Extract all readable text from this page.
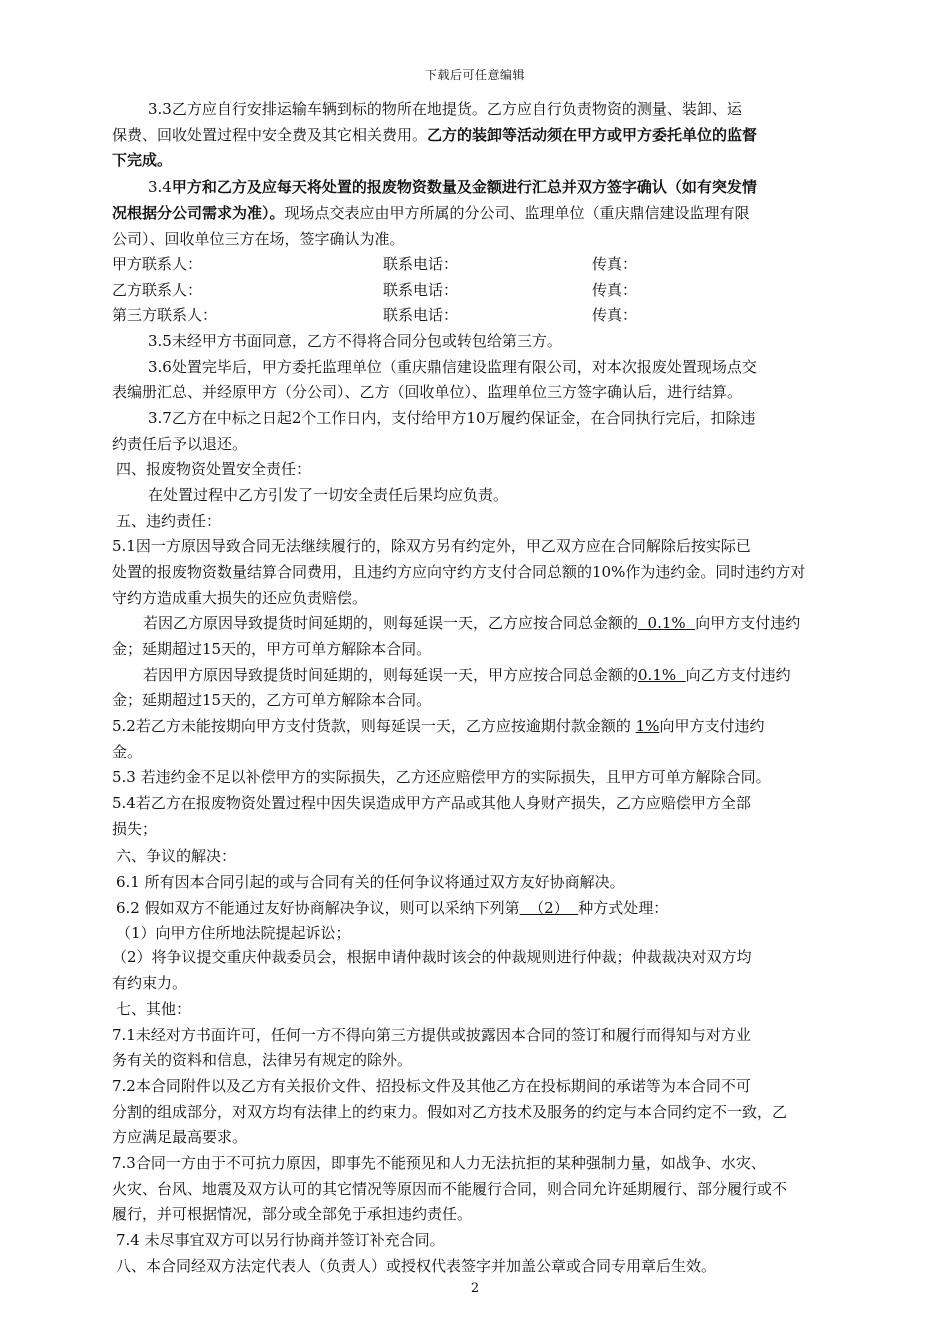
下载后可任意编辑
3.3乙方应自行安排运输车辆到标的物所在地提货。乙方应自行负责物资的测量、装卸、运
保费、回收处置过程中安全费及其它相关费用。乙方的装卸等活动须在甲方或甲方委托单位的监督
下完成。
3.4甲方和乙方及应每天将处置的报废物资数量及金额进行汇总并双方签字确认（如有突发情
况根据分公司需求为准）。现场点交表应由甲方所属的分公司、监理单位（重庆鼎信建设监理有限
公司）、回收单位三方在场，签字确认为准。
甲方联系人：	联系电话：	传真：
乙方联系人：	联系电话：	传真：
第三方联系人：	联系电话：	传真：
3.5未经甲方书面同意，乙方不得将合同分包或转包给第三方。
3.6处置完毕后，甲方委托监理单位（重庆鼎信建设监理有限公司，对本次报废处置现场点交
表编册汇总、并经原甲方（分公司）、乙方（回收单位）、监理单位三方签字确认后，进行结算。
3.7乙方在中标之日起2个工作日内，支付给甲方10万履约保证金，在合同执行完后，扣除违
约责任后予以退还。
四、报废物资处置安全责任：
在处置过程中乙方引发了一切安全责任后果均应负责。
五、违约责任：
5.1因一方原因导致合同无法继续履行的，除双方另有约定外，甲乙双方应在合同解除后按实际已
处置的报废物资数量结算合同费用，且违约方应向守约方支付合同总额的10%作为违约金。同时违约方对
守约方造成重大损失的还应负责赔偿。
若因乙方原因导致提货时间延期的，则每延误一天，乙方应按合同总金额的  0.1%  向甲方支付违约
金；延期超过15天的，甲方可单方解除本合同。
若因甲方原因导致提货时间延期的，则每延误一天，甲方应按合同总金额的0.1%  向乙方支付违约
金；延期超过15天的，乙方可单方解除本合同。
5.2若乙方未能按期向甲方支付货款，则每延误一天，乙方应按逾期付款金额的 1%向甲方支付违约
金。
5.3 若违约金不足以补偿甲方的实际损失，乙方还应赔偿甲方的实际损失，且甲方可单方解除合同。
5.4若乙方在报废物资处置过程中因失误造成甲方产品或其他人身财产损失，乙方应赔偿甲方全部
损失；
六、争议的解决：
6.1 所有因本合同引起的或与合同有关的任何争议将通过双方友好协商解决。
6.2 假如双方不能通过友好协商解决争议，则可以采纳下列第  （2）  种方式处理：
（1）向甲方住所地法院提起诉讼；
（2）将争议提交重庆仲裁委员会，根据申请仲裁时该会的仲裁规则进行仲裁；仲裁裁决对双方均
有约束力。
七、其他：
7.1未经对方书面许可，任何一方不得向第三方提供或披露因本合同的签订和履行而得知与对方业
务有关的资料和信息，法律另有规定的除外。
7.2本合同附件以及乙方有关报价文件、招投标文件及其他乙方在投标期间的承诺等为本合同不可
分割的组成部分，对双方均有法律上的约束力。假如对乙方技术及服务的约定与本合同约定不一致，乙
方应满足最高要求。
7.3合同一方由于不可抗力原因，即事先不能预见和人力无法抗拒的某种强制力量，如战争、水灾、
火灾、台风、地震及双方认可的其它情况等原因而不能履行合同，则合同允许延期履行、部分履行或不
履行，并可根据情况，部分或全部免于承担违约责任。
7.4 未尽事宜双方可以另行协商并签订补充合同。
八、本合同经双方法定代表人（负责人）或授权代表签字并加盖公章或合同专用章后生效。
2
